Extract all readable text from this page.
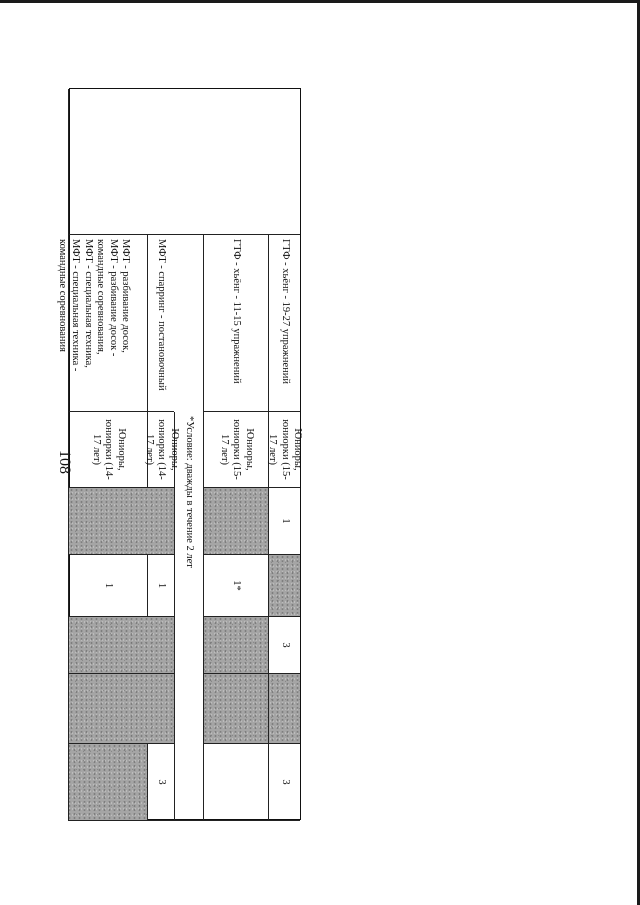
108
ГТФ - хьёнг - 19-27 упражнений
Юниоры, юниорки (15-17 лет)
1
3
3
ГТФ - хьёнг - 11-15 упражнений
Юниоры, юниорки (15-17 лет)
1*
*Условие: дважды в течение 2 лет
МФТ - спарринг - постановочный
Юниоры, юниорки (14-17 лет)
1
3

МФТ - разбивание досок,
МФТ - разбивание досок - командные соревнования,
МФТ - специальная техника,
МФТ - специальная техника - командные соревнования

Юниоры, юниорки (14-17 лет)
1
